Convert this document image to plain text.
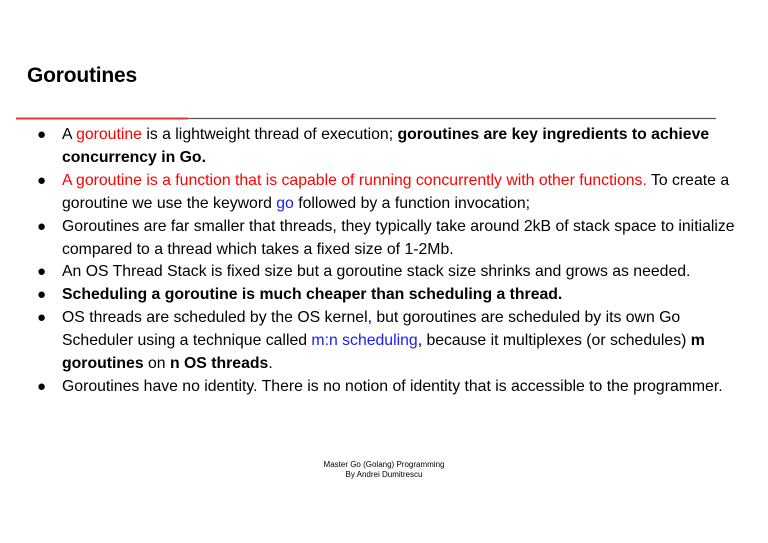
Goroutines
● A goroutine is a lightweight thread of execution; goroutines are key ingredients to achieve concurrency in Go.
● A goroutine is a function that is capable of running concurrently with other functions. To create a goroutine we use the keyword go followed by a function invocation;
● Goroutines are far smaller that threads, they typically take around 2kB of stack space to initialize compared to a thread which takes a fixed size of 1-2Mb.
● An OS Thread Stack is fixed size but a goroutine stack size shrinks and grows as needed.
● Scheduling a goroutine is much cheaper than scheduling a thread.
● OS threads are scheduled by the OS kernel, but goroutines are scheduled by its own Go Scheduler using a technique called m:n scheduling, because it multiplexes (or schedules) m goroutines on n OS threads.
● Goroutines have no identity. There is no notion of identity that is accessible to the programmer.
Master Go (Golang) Programming
By Andrei Dumitrescu
